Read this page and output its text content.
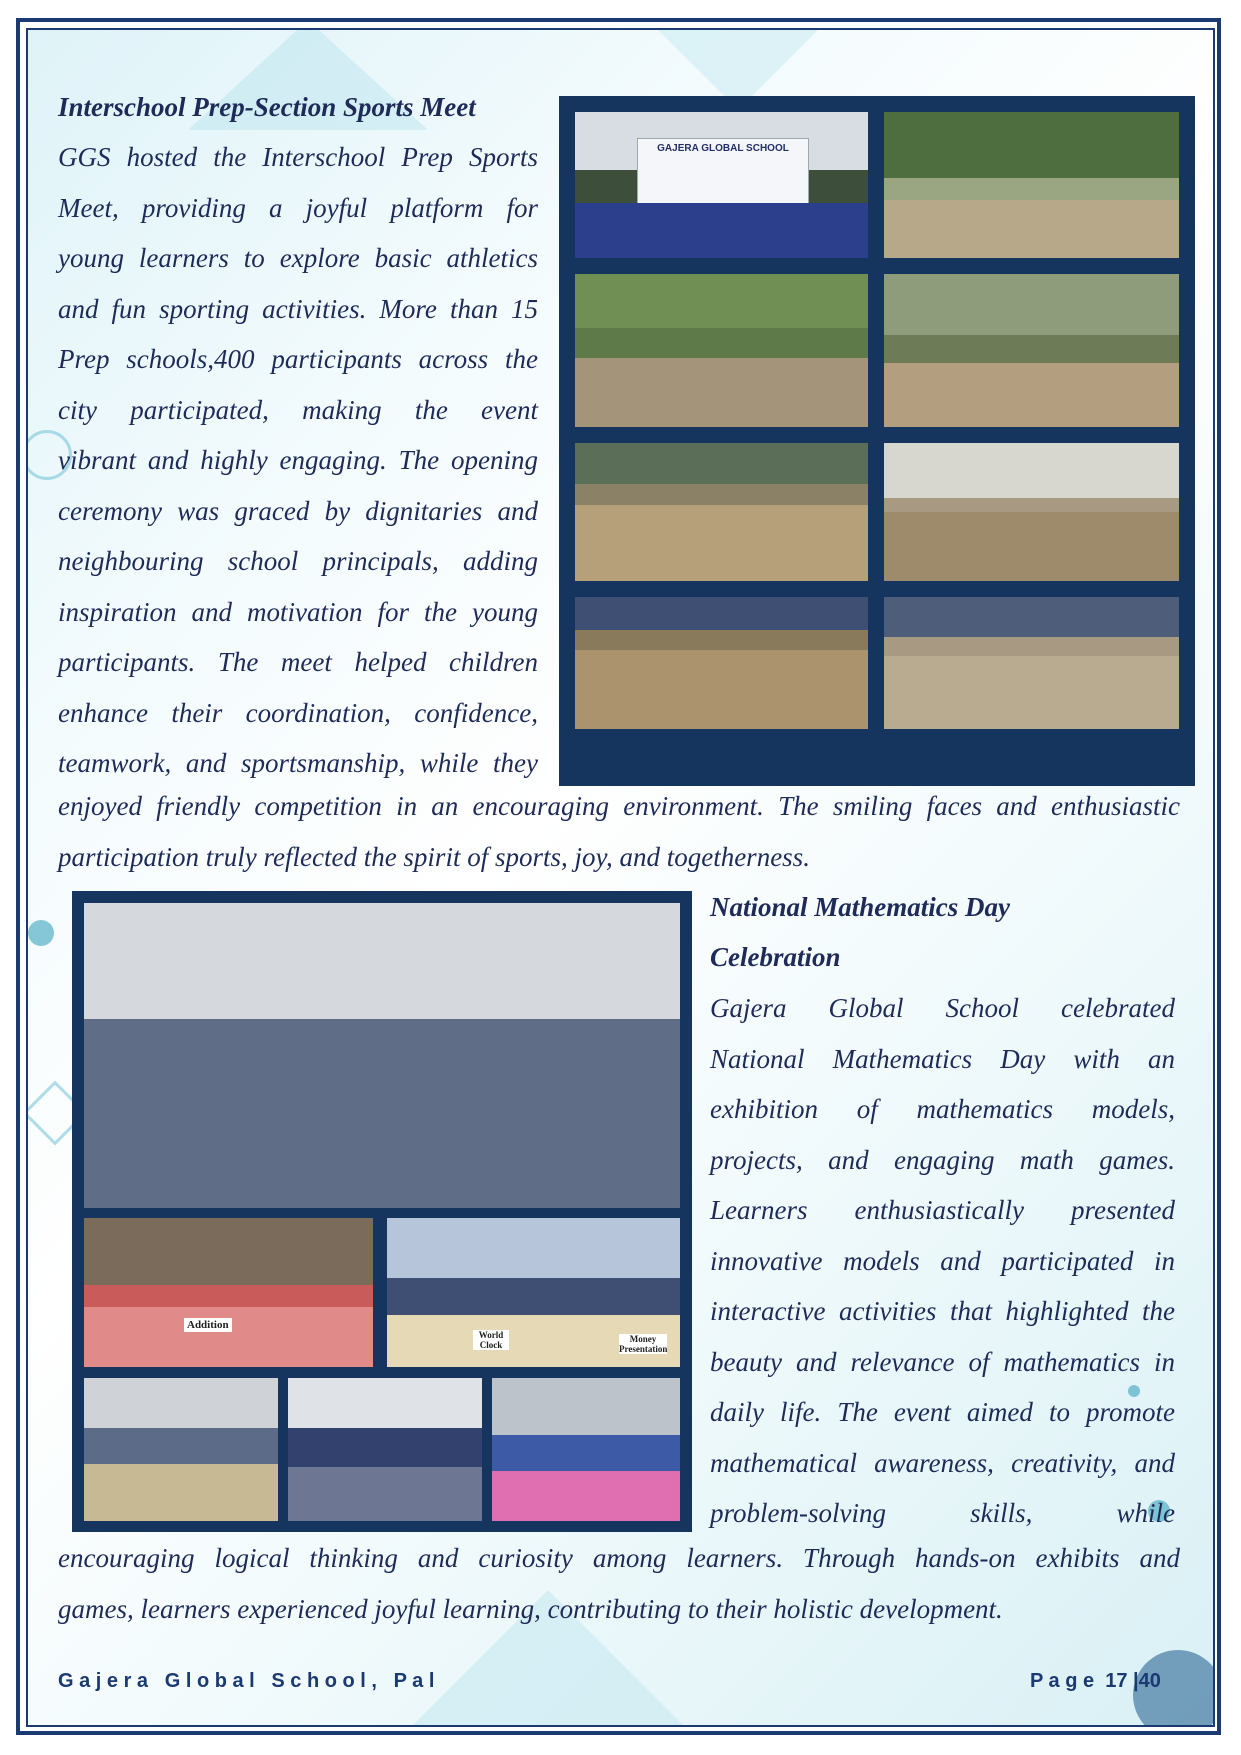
Interschool Prep-Section Sports Meet
GGS hosted the Interschool Prep Sports
Meet, providing a joyful platform for
young learners to explore basic athletics
and fun sporting activities. More than 15
Prep schools,400 participants across the
city participated, making the event
vibrant and highly engaging. The opening
ceremony was graced by dignitaries and
neighbouring school principals, adding
inspiration and motivation for the young
participants. The meet helped children
enhance their coordination, confidence,
teamwork, and sportsmanship, while they
GAJERA GLOBAL SCHOOL
enjoyed friendly competition in an encouraging environment. The smiling faces and enthusiastic
participation truly reflected the spirit of sports, joy, and togetherness.
Addition
World Clock
Money Presentation
National Mathematics Day
Celebration
Gajera Global School celebrated
National Mathematics Day with an
exhibition of mathematics models,
projects, and engaging math games.
Learners enthusiastically presented
innovative models and participated in
interactive activities that highlighted the
beauty and relevance of mathematics in
daily life. The event aimed to promote
mathematical awareness, creativity, and
problem-solving skills, while
encouraging logical thinking and curiosity among learners. Through hands-on exhibits and
games, learners experienced joyful learning, contributing to their holistic development.
G a j e r a   G l o b a l   S c h o o l ,   P a l	P a g e  17 |40
